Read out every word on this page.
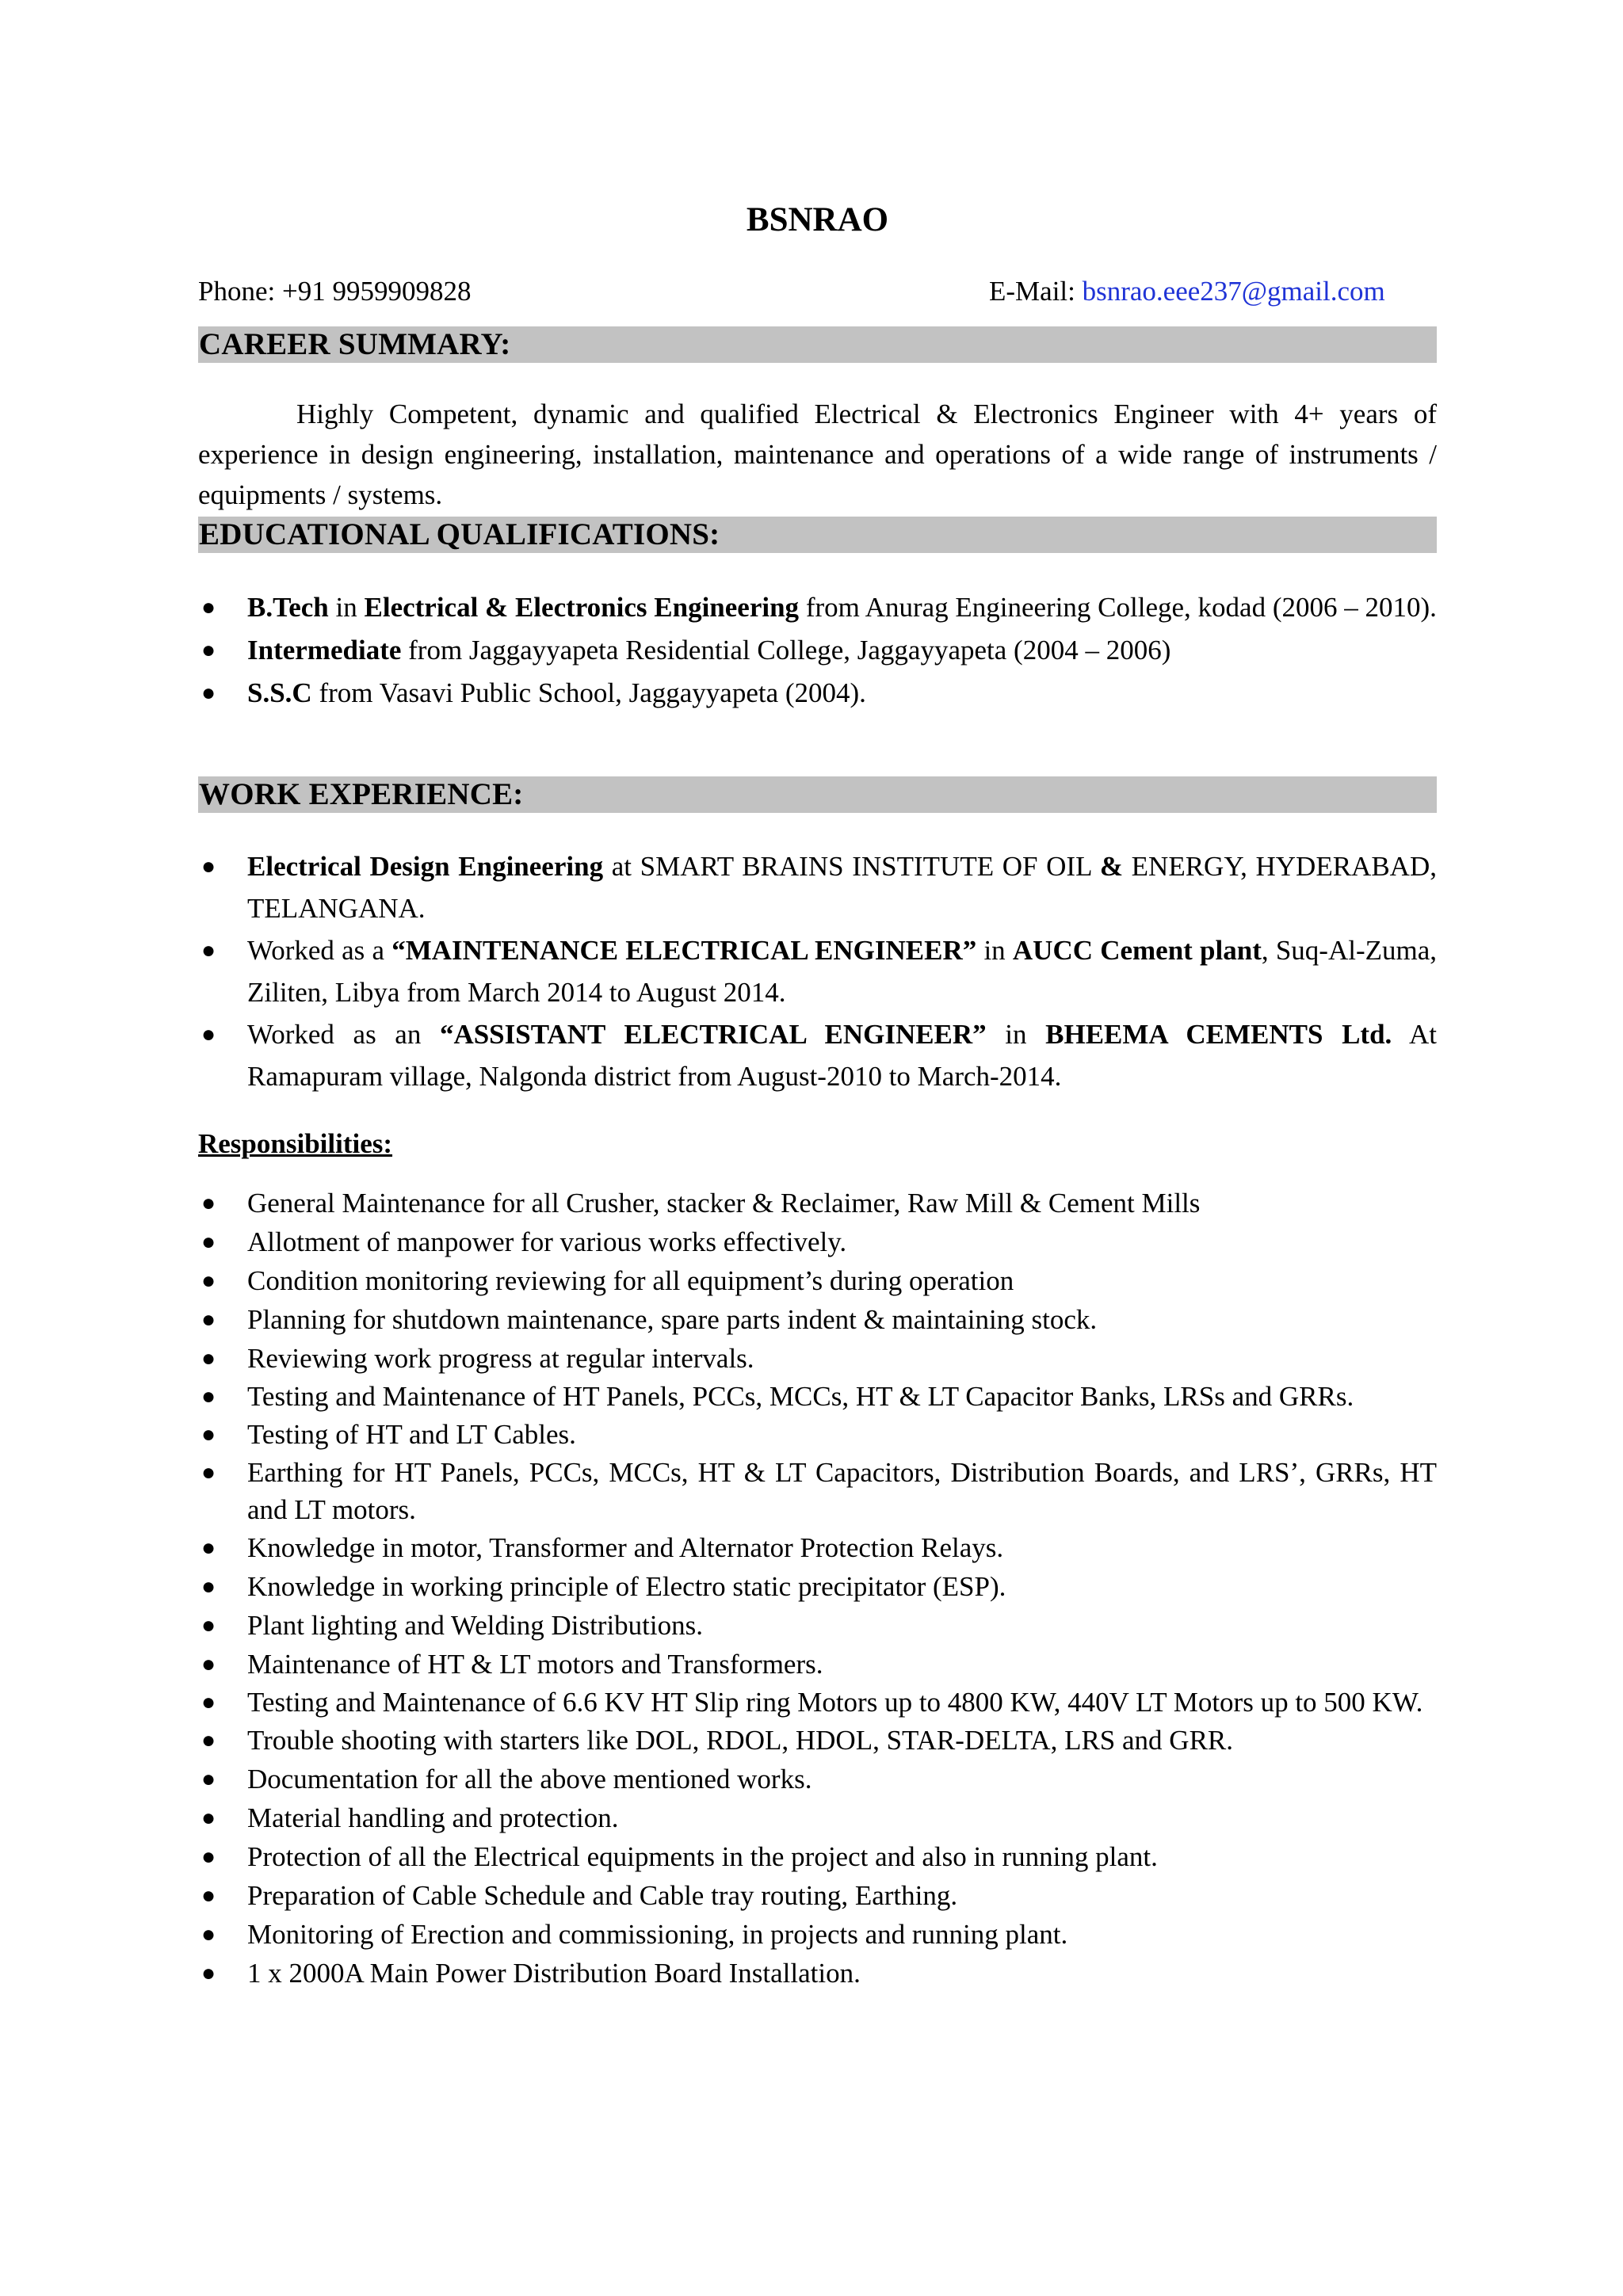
BSNRAO
Phone: +91 9959909828	E-Mail: bsnrao.eee237@gmail.com
CAREER SUMMARY:
Highly Competent, dynamic and qualified Electrical & Electronics Engineer with 4+ years of experience in design engineering, installation, maintenance and operations of a wide range of instruments / equipments / systems.
EDUCATIONAL QUALIFICATIONS:
● B.Tech in Electrical & Electronics Engineering from Anurag Engineering College, kodad (2006 – 2010).
● Intermediate from Jaggayyapeta Residential College, Jaggayyapeta (2004 – 2006)
● S.S.C from Vasavi Public School, Jaggayyapeta (2004).
WORK EXPERIENCE:
● Electrical Design Engineering at SMART BRAINS INSTITUTE OF OIL & ENERGY, HYDERABAD, TELANGANA.
● Worked as a “MAINTENANCE ELECTRICAL ENGINEER” in AUCC Cement plant, Suq-Al-Zuma, Ziliten, Libya from March 2014 to August 2014.
● Worked as an “ASSISTANT ELECTRICAL ENGINEER” in BHEEMA CEMENTS Ltd. At Ramapuram village, Nalgonda district from August-2010 to March-2014.
Responsibilities:
● General Maintenance for all Crusher, stacker & Reclaimer, Raw Mill & Cement Mills
● Allotment of manpower for various works effectively.
● Condition monitoring reviewing for all equipment’s during operation
● Planning for shutdown maintenance, spare parts indent & maintaining stock.
● Reviewing work progress at regular intervals.
● Testing and Maintenance of HT Panels, PCCs, MCCs, HT & LT Capacitor Banks, LRSs and GRRs.
● Testing of HT and LT Cables.
● Earthing for HT Panels, PCCs, MCCs, HT & LT Capacitors, Distribution Boards, and LRS’, GRRs, HT and LT motors.
● Knowledge in motor, Transformer and Alternator Protection Relays.
● Knowledge in working principle of Electro static precipitator (ESP).
● Plant lighting and Welding Distributions.
● Maintenance of HT & LT motors and Transformers.
● Testing and Maintenance of 6.6 KV HT Slip ring Motors up to 4800 KW, 440V LT Motors up to 500 KW.
● Trouble shooting with starters like DOL, RDOL, HDOL, STAR-DELTA, LRS and GRR.
● Documentation for all the above mentioned works.
● Material handling and protection.
● Protection of all the Electrical equipments in the project and also in running plant.
● Preparation of Cable Schedule and Cable tray routing, Earthing.
● Monitoring of Erection and commissioning, in projects and running plant.
● 1 x 2000A Main Power Distribution Board Installation.
